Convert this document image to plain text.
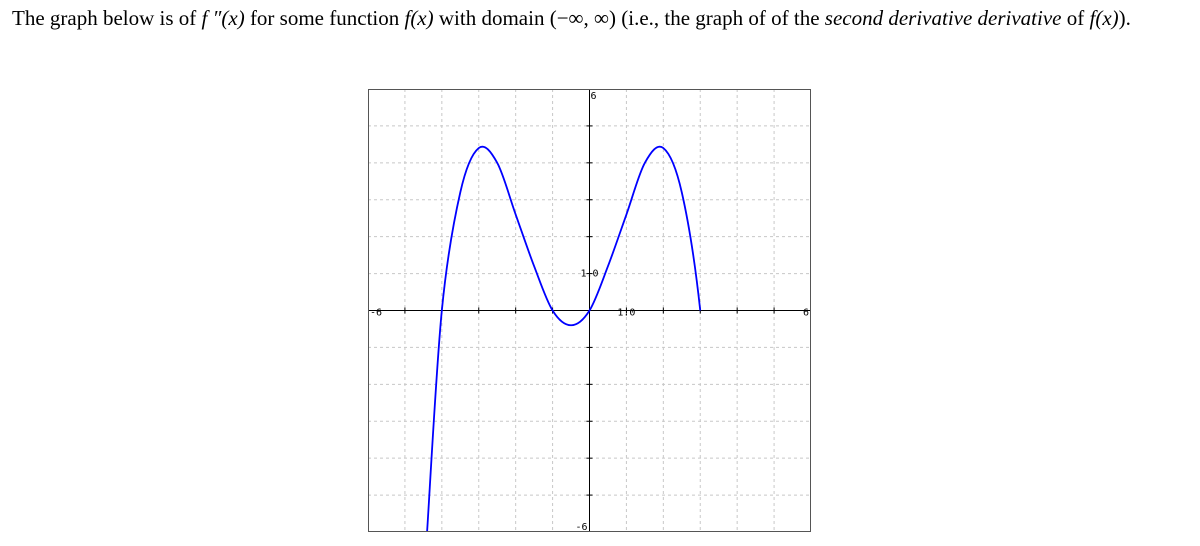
The graph below is of f ″(x) for some function f(x) with domain (−∞, ∞) (i.e., the graph of of the second derivative derivative of f(x)).
-6	6
1.0
6
-6
1.0
